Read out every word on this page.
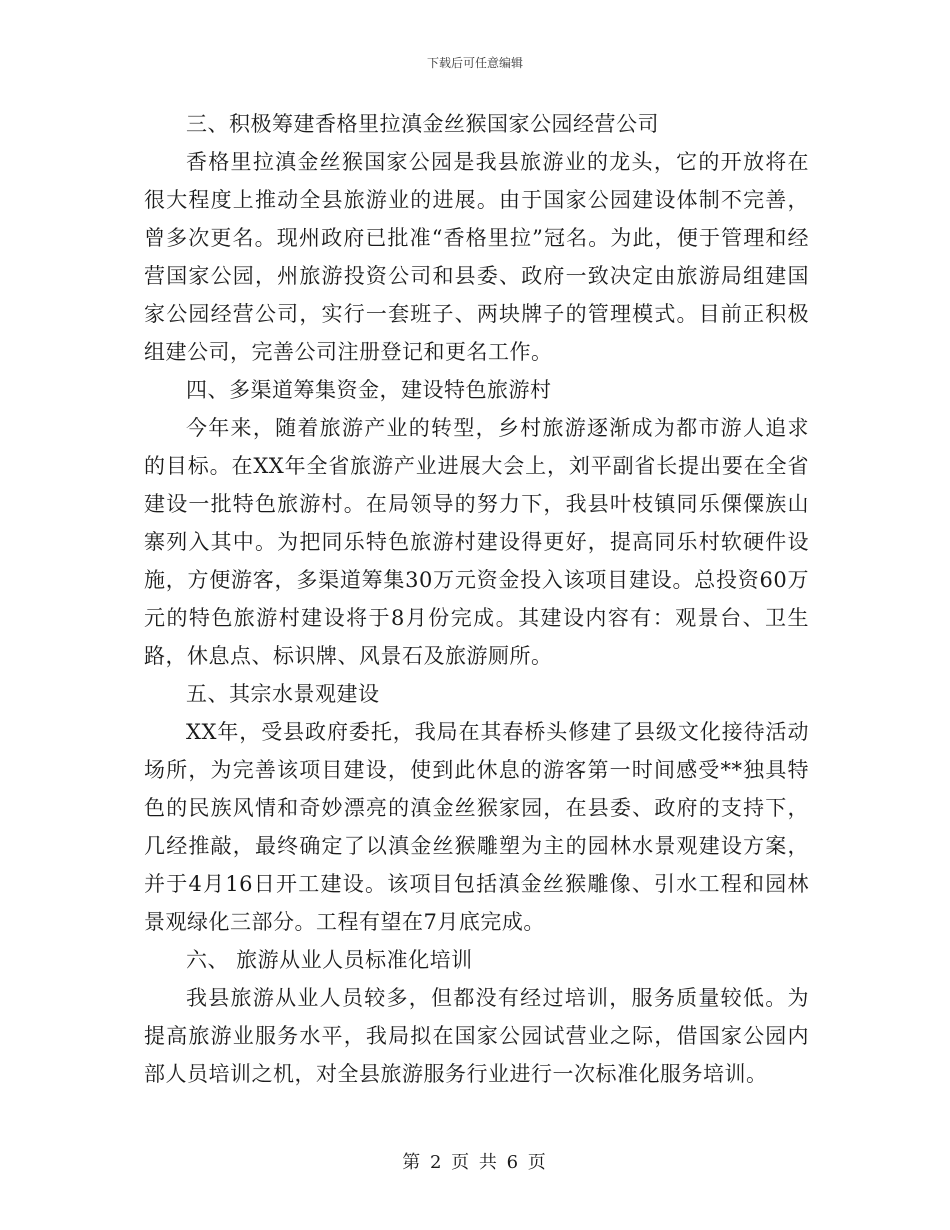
下载后可任意编辑

三、积极筹建香格里拉滇金丝猴国家公园经营公司

香格里拉滇金丝猴国家公园是我县旅游业的龙头，它的开放将在很大程度上推动全县旅游业的进展。由于国家公园建设体制不完善，曾多次更名。现州政府已批准“香格里拉”冠名。为此，便于管理和经营国家公园，州旅游投资公司和县委、政府一致决定由旅游局组建国家公园经营公司，实行一套班子、两块牌子的管理模式。目前正积极组建公司，完善公司注册登记和更名工作。

四、多渠道筹集资金，建设特色旅游村

今年来，随着旅游产业的转型，乡村旅游逐渐成为都市游人追求的目标。在XX年全省旅游产业进展大会上，刘平副省长提出要在全省建设一批特色旅游村。在局领导的努力下，我县叶枝镇同乐傈僳族山寨列入其中。为把同乐特色旅游村建设得更好，提高同乐村软硬件设施，方便游客，多渠道筹集30万元资金投入该项目建设。总投资60万元的特色旅游村建设将于8月份完成。其建设内容有：观景台、卫生路，休息点、标识牌、风景石及旅游厕所。

五、其宗水景观建设

XX年，受县政府委托，我局在其春桥头修建了县级文化接待活动场所，为完善该项目建设，使到此休息的游客第一时间感受**独具特色的民族风情和奇妙漂亮的滇金丝猴家园，在县委、政府的支持下，几经推敲，最终确定了以滇金丝猴雕塑为主的园林水景观建设方案，并于4月16日开工建设。该项目包括滇金丝猴雕像、引水工程和园林景观绿化三部分。工程有望在7月底完成。

六、 旅游从业人员标准化培训

我县旅游从业人员较多，但都没有经过培训，服务质量较低。为提高旅游业服务水平，我局拟在国家公园试营业之际，借国家公园内部人员培训之机，对全县旅游服务行业进行一次标准化服务培训。

第 2 页 共 6 页
